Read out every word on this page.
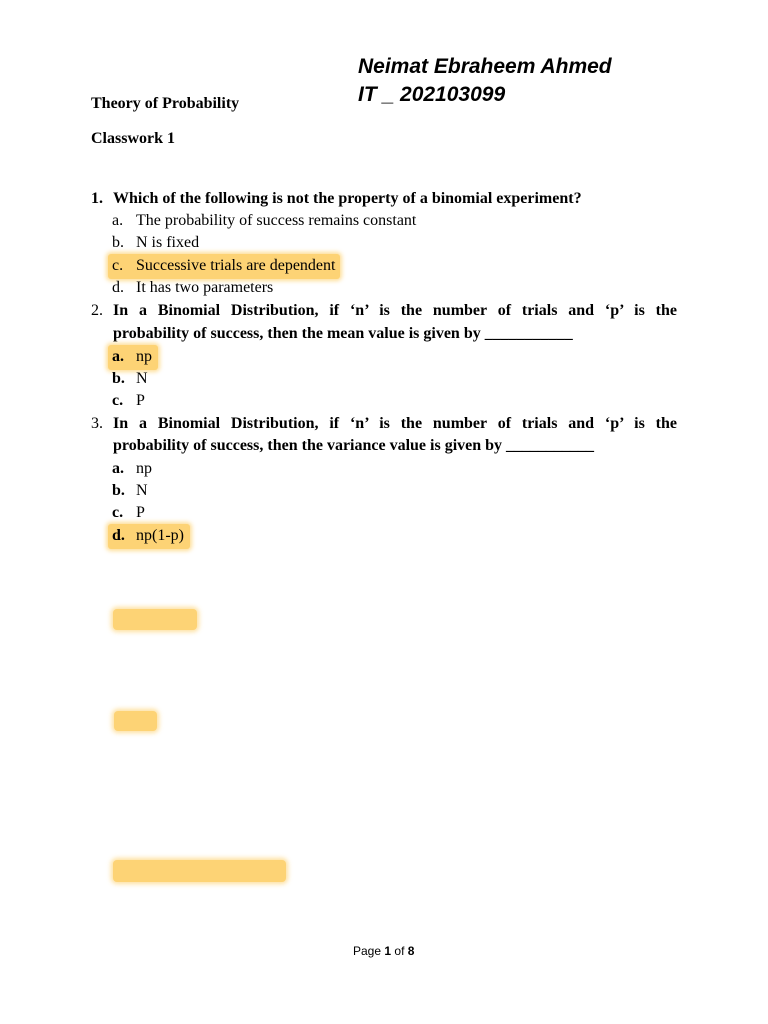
Neimat Ebraheem Ahmed
IT _ 202103099
Theory of Probability
Classwork 1
1. Which of the following is not the property of a binomial experiment?
a. The probability of success remains constant
b. N is fixed
c. Successive trials are dependent
d. It has two parameters
2. In a Binomial Distribution, if ‘n’ is the number of trials and ‘p’ is the
probability of success, then the mean value is given by ___________
a. np
b. N
c. P
3. In a Binomial Distribution, if ‘n’ is the number of trials and ‘p’ is the
probability of success, then the variance value is given by ___________
a. np
b. N
c. P
d. np(1-p)
Page 1 of 8
